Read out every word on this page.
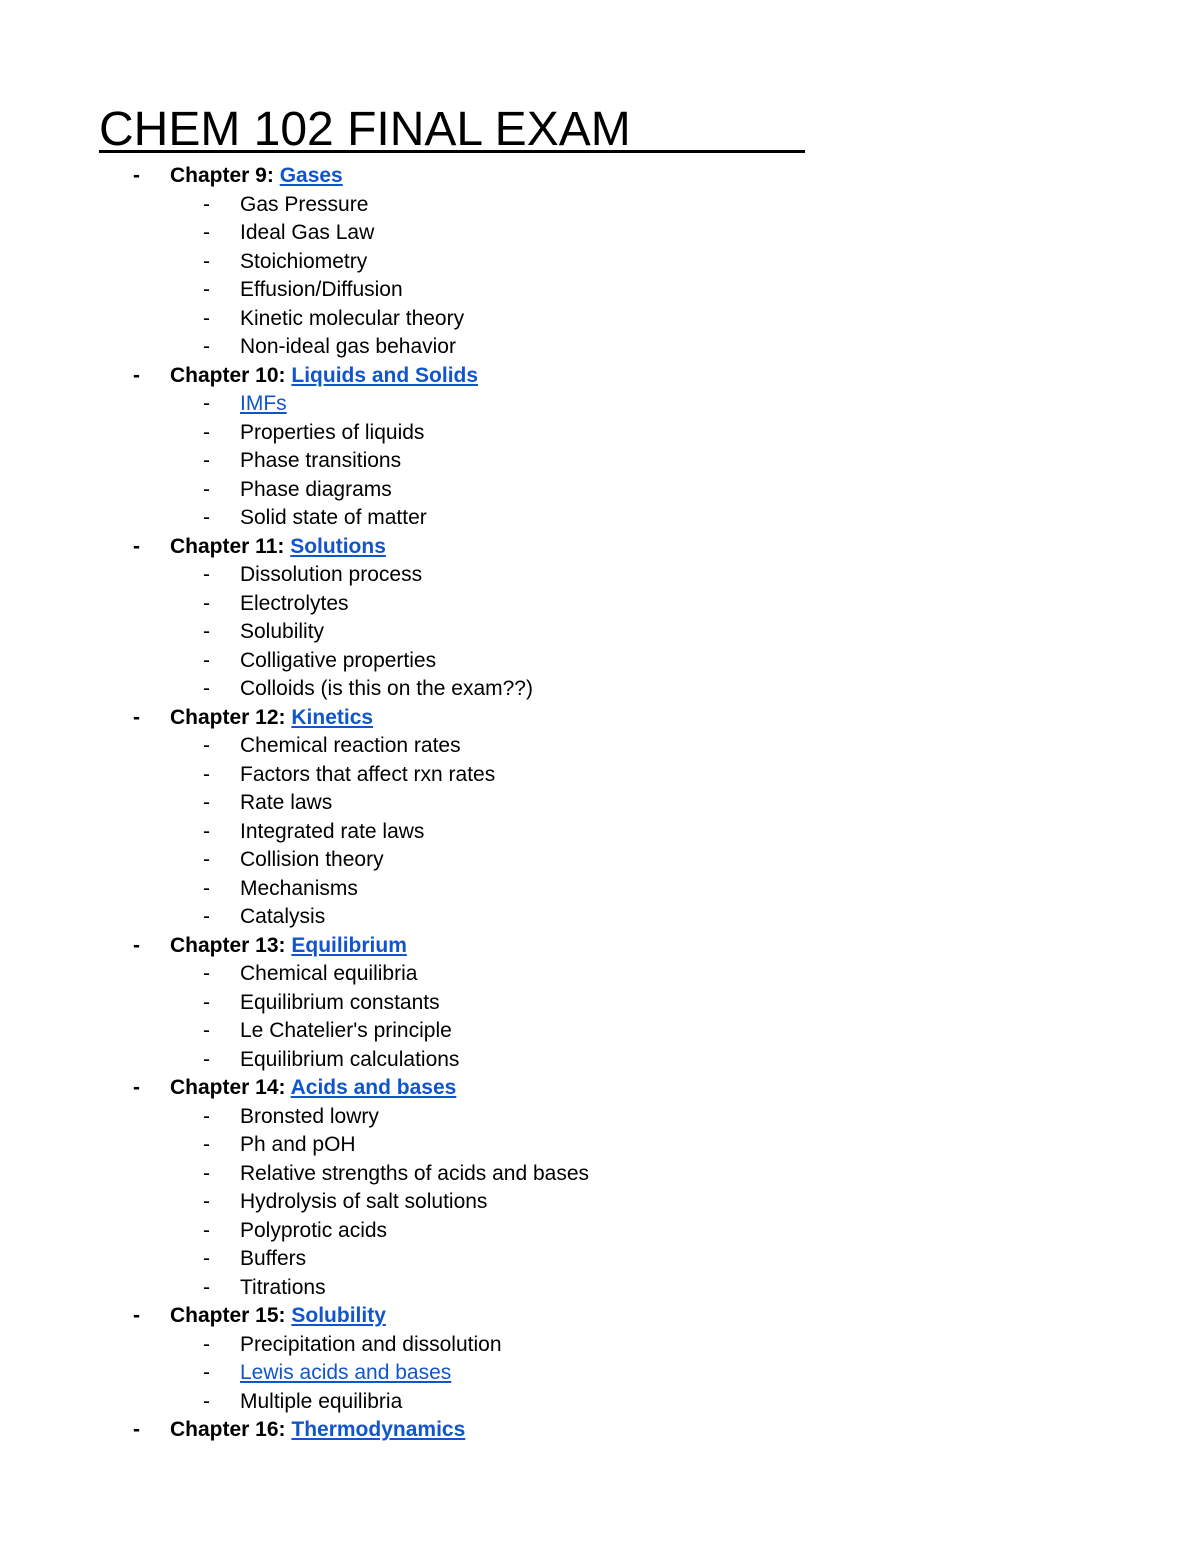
CHEM 102 FINAL EXAM
- Chapter 9: Gases
- Gas Pressure
- Ideal Gas Law
- Stoichiometry
- Effusion/Diffusion
- Kinetic molecular theory
- Non-ideal gas behavior
- Chapter 10: Liquids and Solids
- IMFs
- Properties of liquids
- Phase transitions
- Phase diagrams
- Solid state of matter
- Chapter 11: Solutions
- Dissolution process
- Electrolytes
- Solubility
- Colligative properties
- Colloids (is this on the exam??)
- Chapter 12: Kinetics
- Chemical reaction rates
- Factors that affect rxn rates
- Rate laws
- Integrated rate laws
- Collision theory
- Mechanisms
- Catalysis
- Chapter 13: Equilibrium
- Chemical equilibria
- Equilibrium constants
- Le Chatelier's principle
- Equilibrium calculations
- Chapter 14: Acids and bases
- Bronsted lowry
- Ph and pOH
- Relative strengths of acids and bases
- Hydrolysis of salt solutions
- Polyprotic acids
- Buffers
- Titrations
- Chapter 15: Solubility
- Precipitation and dissolution
- Lewis acids and bases
- Multiple equilibria
- Chapter 16: Thermodynamics
